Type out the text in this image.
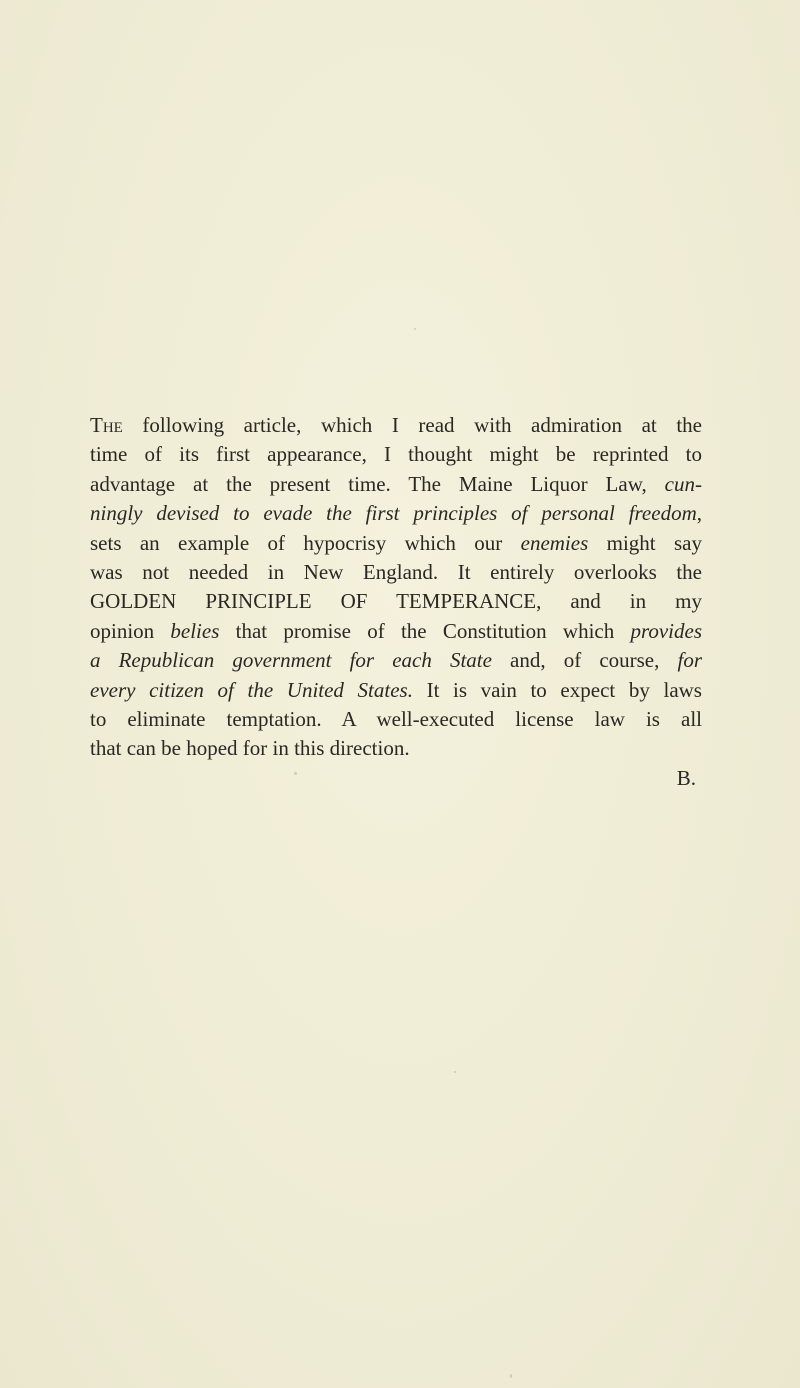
The following article, which I read with admiration at the
time of its first appearance, I thought might be reprinted to
advantage at the present time. The Maine Liquor Law, cun-
ningly devised to evade the first principles of personal freedom,
sets an example of hypocrisy which our enemies might say
was not needed in New England. It entirely overlooks the
GOLDEN PRINCIPLE OF TEMPERANCE, and in my
opinion belies that promise of the Constitution which provides
a Republican government for each State and, of course, for
every citizen of the United States. It is vain to expect by laws
to eliminate temptation. A well-executed license law is all
that can be hoped for in this direction.
B.
